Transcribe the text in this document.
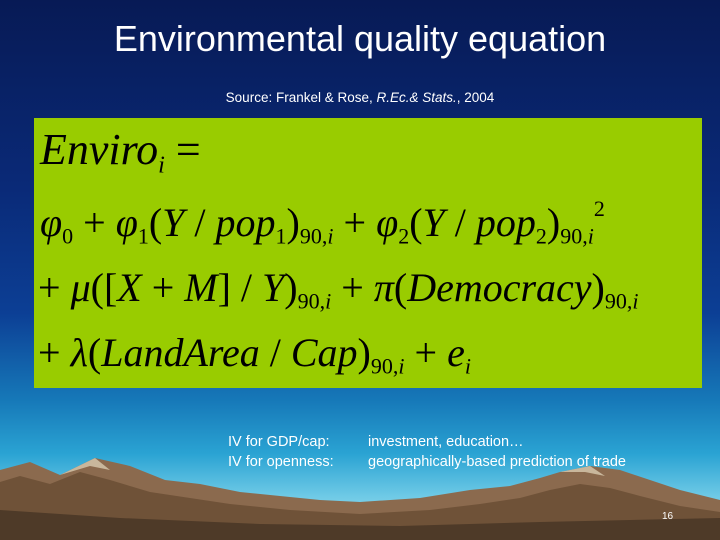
Environmental quality equation
Source: Frankel & Rose, R.Ec.& Stats., 2004
Enviro$_i$ =
$\varphi_0 + \varphi_1(Y / pop_1)_{90,i} + \varphi_2(Y / pop_2)_{90,i}^2$
+ $\mu([X + M] / Y)_{90,i}$ + $\pi(Democracy)_{90,i}$
+ λ(LandArea / $Cap)_{90,i} + e_i$
IV for GDP/cap:	investment, education…
IV for openness:	geographically-based prediction of trade
16
